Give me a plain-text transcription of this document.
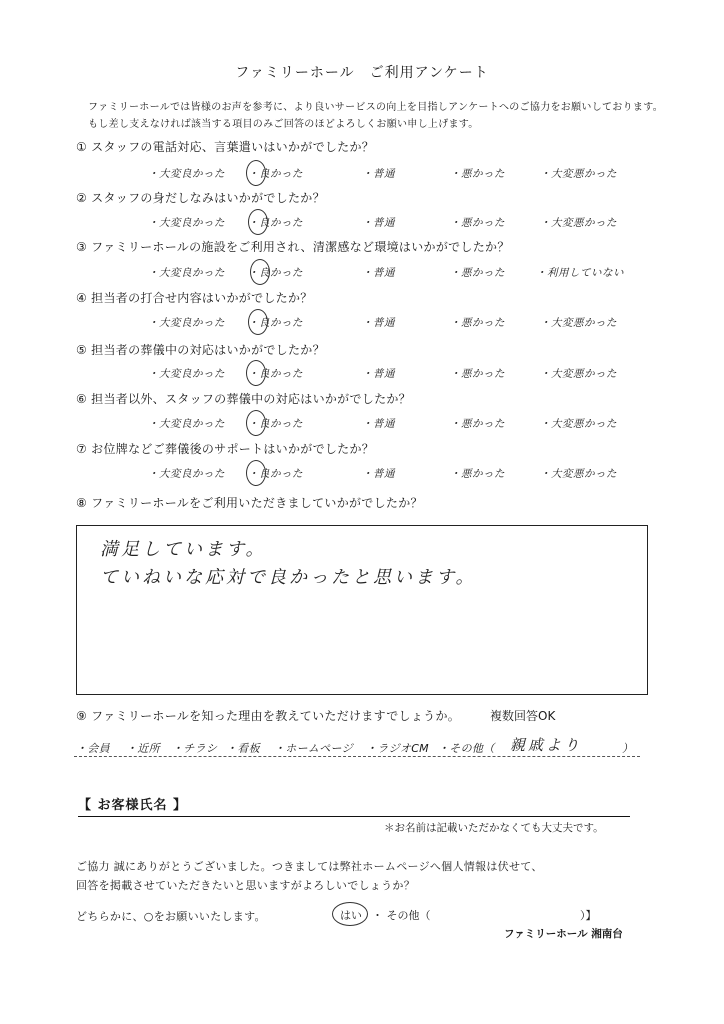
ファミリーホール　ご利用アンケート
ファミリーホールでは皆様のお声を参考に、より良いサービスの向上を目指しアンケートへのご協力をお願いしております。
もし差し支えなければ該当する項目のみご回答のほどよろしくお願い申し上げます。
① スタッフの電話対応、言葉遣いはいかがでしたか？
・大変良かった ・良かった	・普通	・悪かった	・大変悪かった
② スタッフの身だしなみはいかがでしたか？
・大変良かった ・良かった	・普通	・悪かった	・大変悪かった
③ ファミリーホールの施設をご利用され、清潔感など環境はいかがでしたか？
・大変良かった ・良かった	・普通	・悪かった	・利用していない
④ 担当者の打合せ内容はいかがでしたか？
・大変良かった ・良かった	・普通	・悪かった	・大変悪かった
⑤ 担当者の葬儀中の対応はいかがでしたか？
・大変良かった ・良かった	・普通	・悪かった	・大変悪かった
⑥ 担当者以外、スタッフの葬儀中の対応はいかがでしたか？
・大変良かった ・良かった	・普通	・悪かった	・大変悪かった
⑦ お位牌などご葬儀後のサポートはいかがでしたか？
・大変良かった ・良かった	・普通	・悪かった	・大変悪かった
⑧ ファミリーホールをご利用いただきましていかがでしたか？
満足しています。
ていねいな応対で良かったと思います。
⑨ ファミリーホールを知った理由を教えていただけますでしょうか。 複数回答OK
・会員 ・近所 ・チラシ ・看板 ・ホームページ ・ラジオCM ・その他（ 親戚より	）
【 お客様氏名 】
＊お名前は記載いただかなくても大丈夫です。
ご協力 誠にありがとうございました。つきましては弊社ホームページへ個人情報は伏せて、
回答を掲載させていただきたいと思いますがよろしいでしょうか？
どちらかに、○をお願いいたします。	はい ・ その他（	）】
ファミリーホール 湘南台
